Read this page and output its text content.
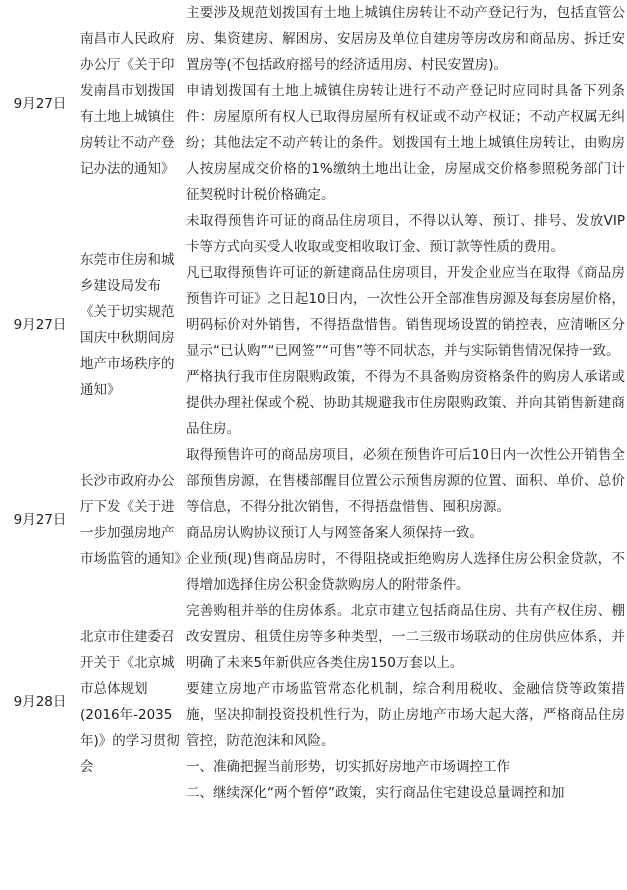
9月27日	南昌市人民政府办公厅《关于印发南昌市划拨国有土地上城镇住房转让不动产登记办法的通知》	主要涉及规范划拨国有土地上城镇住房转让不动产登记行为，包括直管公房、集资建房、解困房、安居房及单位自建房等房改房和商品房、拆迁安置房等(不包括政府摇号的经济适用房、村民安置房)。

申请划拨国有土地上城镇住房转让进行不动产登记时应同时具备下列条件：房屋原所有权人已取得房屋所有权证或不动产权证；不动产权属无纠纷；其他法定不动产转让的条件。划拨国有土地上城镇住房转让，由购房人按房屋成交价格的1%缴纳土地出让金，房屋成交价格参照税务部门计征契税时计税价格确定。

9月27日	东莞市住房和城乡建设局发布《关于切实规范国庆中秋期间房地产市场秩序的通知》	未取得预售许可证的商品住房项目，不得以认筹、预订、排号、发放VIP卡等方式向买受人收取或变相收取订金、预订款等性质的费用。

凡已取得预售许可证的新建商品住房项目，开发企业应当在取得《商品房预售许可证》之日起10日内，一次性公开全部准售房源及每套房屋价格，明码标价对外销售，不得捂盘惜售。销售现场设置的销控表，应清晰区分显示“已认购”“已网签”“可售”等不同状态，并与实际销售情况保持一致。

严格执行我市住房限购政策，不得为不具备购房资格条件的购房人承诺或提供办理社保或个税、协助其规避我市住房限购政策、并向其销售新建商品住房。

9月27日	长沙市政府办公厅下发《关于进一步加强房地产市场监管的通知》	取得预售许可的商品房项目，必须在预售许可后10日内一次性公开销售全部预售房源，在售楼部醒目位置公示预售房源的位置、面积、单价、总价等信息，不得分批次销售，不得捂盘惜售、囤积房源。

商品房认购协议预订人与网签备案人须保持一致。

企业预(现)售商品房时，不得阻挠或拒绝购房人选择住房公积金贷款，不得增加选择住房公积金贷款购房人的附带条件。

9月28日	北京市住建委召开关于《北京城市总体规划(2016年-2035年)》的学习贯彻会	完善购租并举的住房体系。北京市建立包括商品住房、共有产权住房、棚改安置房、租赁住房等多种类型，一二三级市场联动的住房供应体系，并明确了未来5年新供应各类住房150万套以上。

要建立房地产市场监管常态化机制，综合利用税收、金融信贷等政策措施，坚决抑制投资投机性行为，防止房地产市场大起大落，严格商品住房管控，防范泡沫和风险。

一、准确把握当前形势，切实抓好房地产市场调控工作

二、继续深化“两个暂停”政策，实行商品住宅建设总量调控和加
